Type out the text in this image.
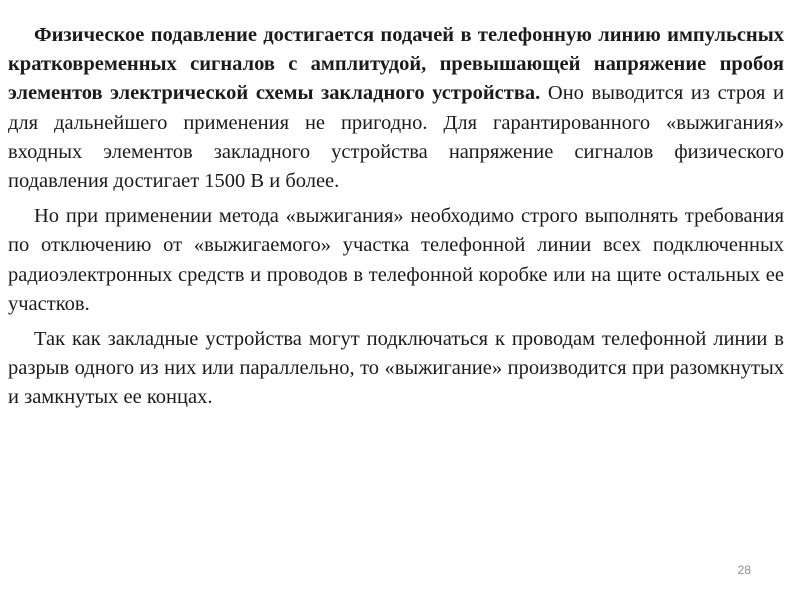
Физическое подавление достигается подачей в телефонную линию импульсных кратковременных сигналов с амплитудой, превышающей напряжение пробоя элементов электрической схемы закладного устройства. Оно выводится из строя и для дальнейшего применения не пригодно. Для гарантированного «выжигания» входных элементов закладного устройства напряжение сигналов физического подавления достигает 1500 В и более.

Но при применении метода «выжигания» необходимо строго выполнять требования по отключению от «выжигаемого» участка телефонной линии всех подключенных радиоэлектронных средств и проводов в телефонной коробке или на щите остальных ее участков.

Так как закладные устройства могут подключаться к проводам телефонной линии в разрыв одного из них или параллельно, то «выжигание» производится при разомкнутых и замкнутых ее концах.

28
